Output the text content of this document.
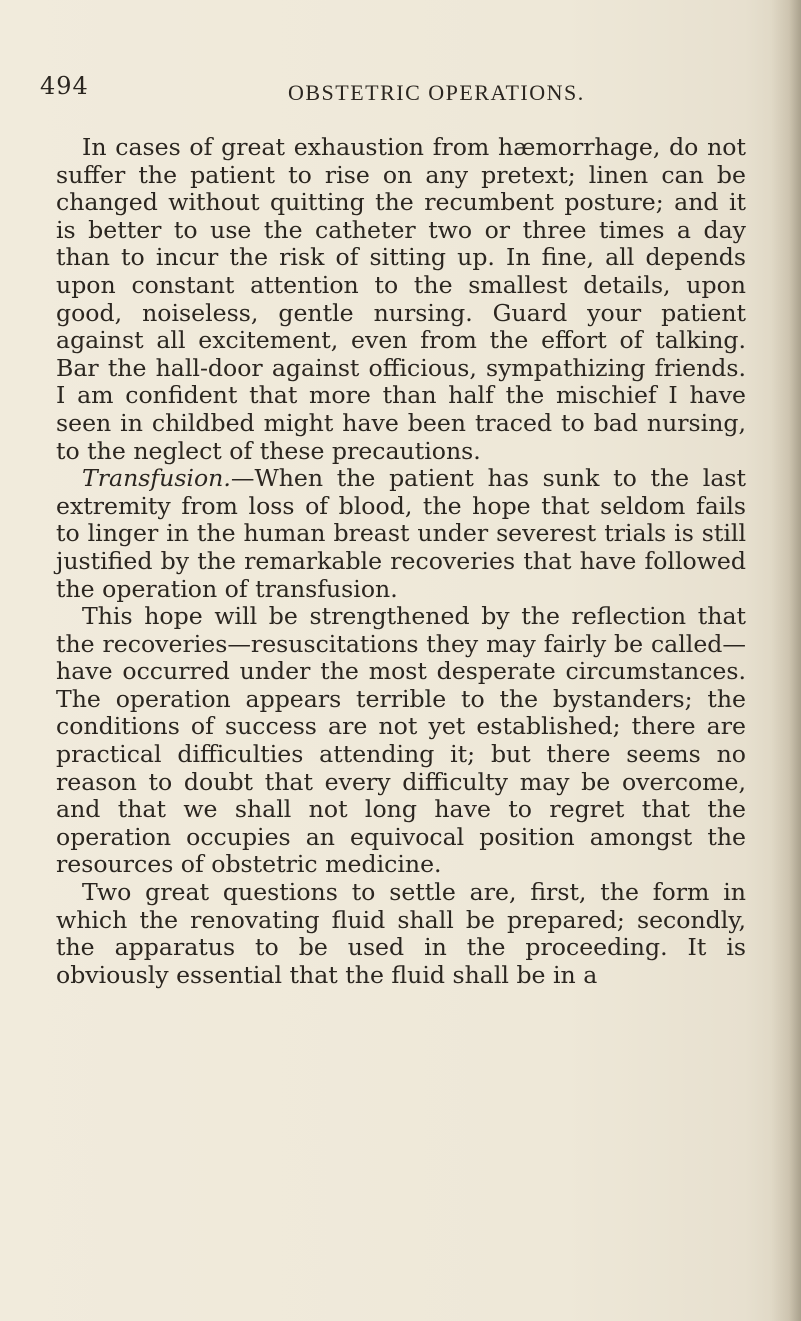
494	OBSTETRIC OPERATIONS.

In cases of great exhaustion from hæmorrhage, do not suffer the patient to rise on any pretext; linen can be changed without quitting the recumbent posture; and it is better to use the catheter two or three times a day than to incur the risk of sitting up. In fine, all depends upon constant attention to the smallest details, upon good, noiseless, gentle nursing. Guard your patient against all excitement, even from the effort of talking. Bar the hall-door against officious, sympathizing friends. I am confident that more than half the mischief I have seen in childbed might have been traced to bad nursing, to the neglect of these precautions.

Transfusion.—When the patient has sunk to the last extremity from loss of blood, the hope that seldom fails to linger in the human breast under severest trials is still justified by the remarkable recoveries that have followed the operation of transfusion.

This hope will be strengthened by the reflection that the recoveries—resuscitations they may fairly be called—have occurred under the most desperate circumstances. The operation appears terrible to the bystanders; the conditions of success are not yet established; there are practical difficulties attending it; but there seems no reason to doubt that every difficulty may be overcome, and that we shall not long have to regret that the operation occupies an equivocal position amongst the resources of obstetric medicine.

Two great questions to settle are, first, the form in which the renovating fluid shall be prepared; secondly, the apparatus to be used in the proceeding. It is obviously essential that the fluid shall be in a
